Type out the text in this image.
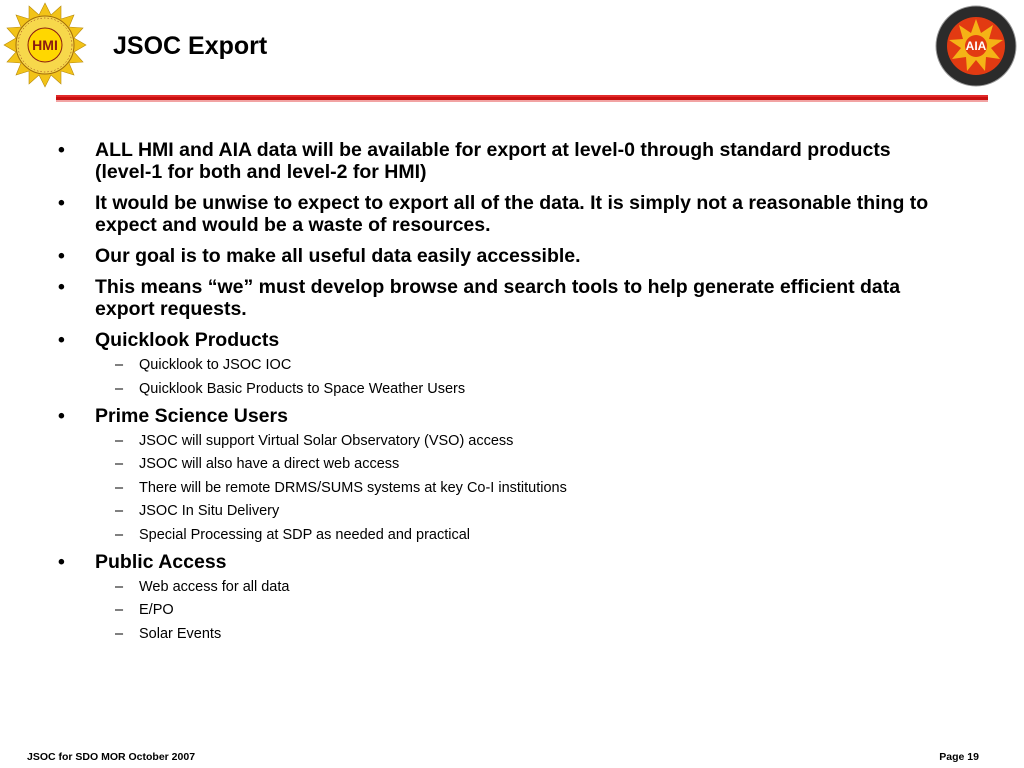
HMI	AIA
JSOC Export
• ALL HMI and AIA data will be available for export at level-0 through standard products (level-1 for both and level-2 for HMI)
• It would be unwise to expect to export all of the data. It is simply not a reasonable thing to expect and would be a waste of resources.
• Our goal is to make all useful data easily accessible.
• This means “we” must develop browse and search tools to help generate efficient data export requests.
• Quicklook Products
– Quicklook to JSOC IOC
– Quicklook Basic Products to Space Weather Users
• Prime Science Users
– JSOC will support Virtual Solar Observatory (VSO) access
– JSOC will also have a direct web access
– There will be remote DRMS/SUMS systems at key Co-I institutions
– JSOC In Situ Delivery
– Special Processing at SDP as needed and practical
• Public Access
– Web access for all data
– E/PO
– Solar Events
JSOC for SDO MOR October 2007	Page 19
